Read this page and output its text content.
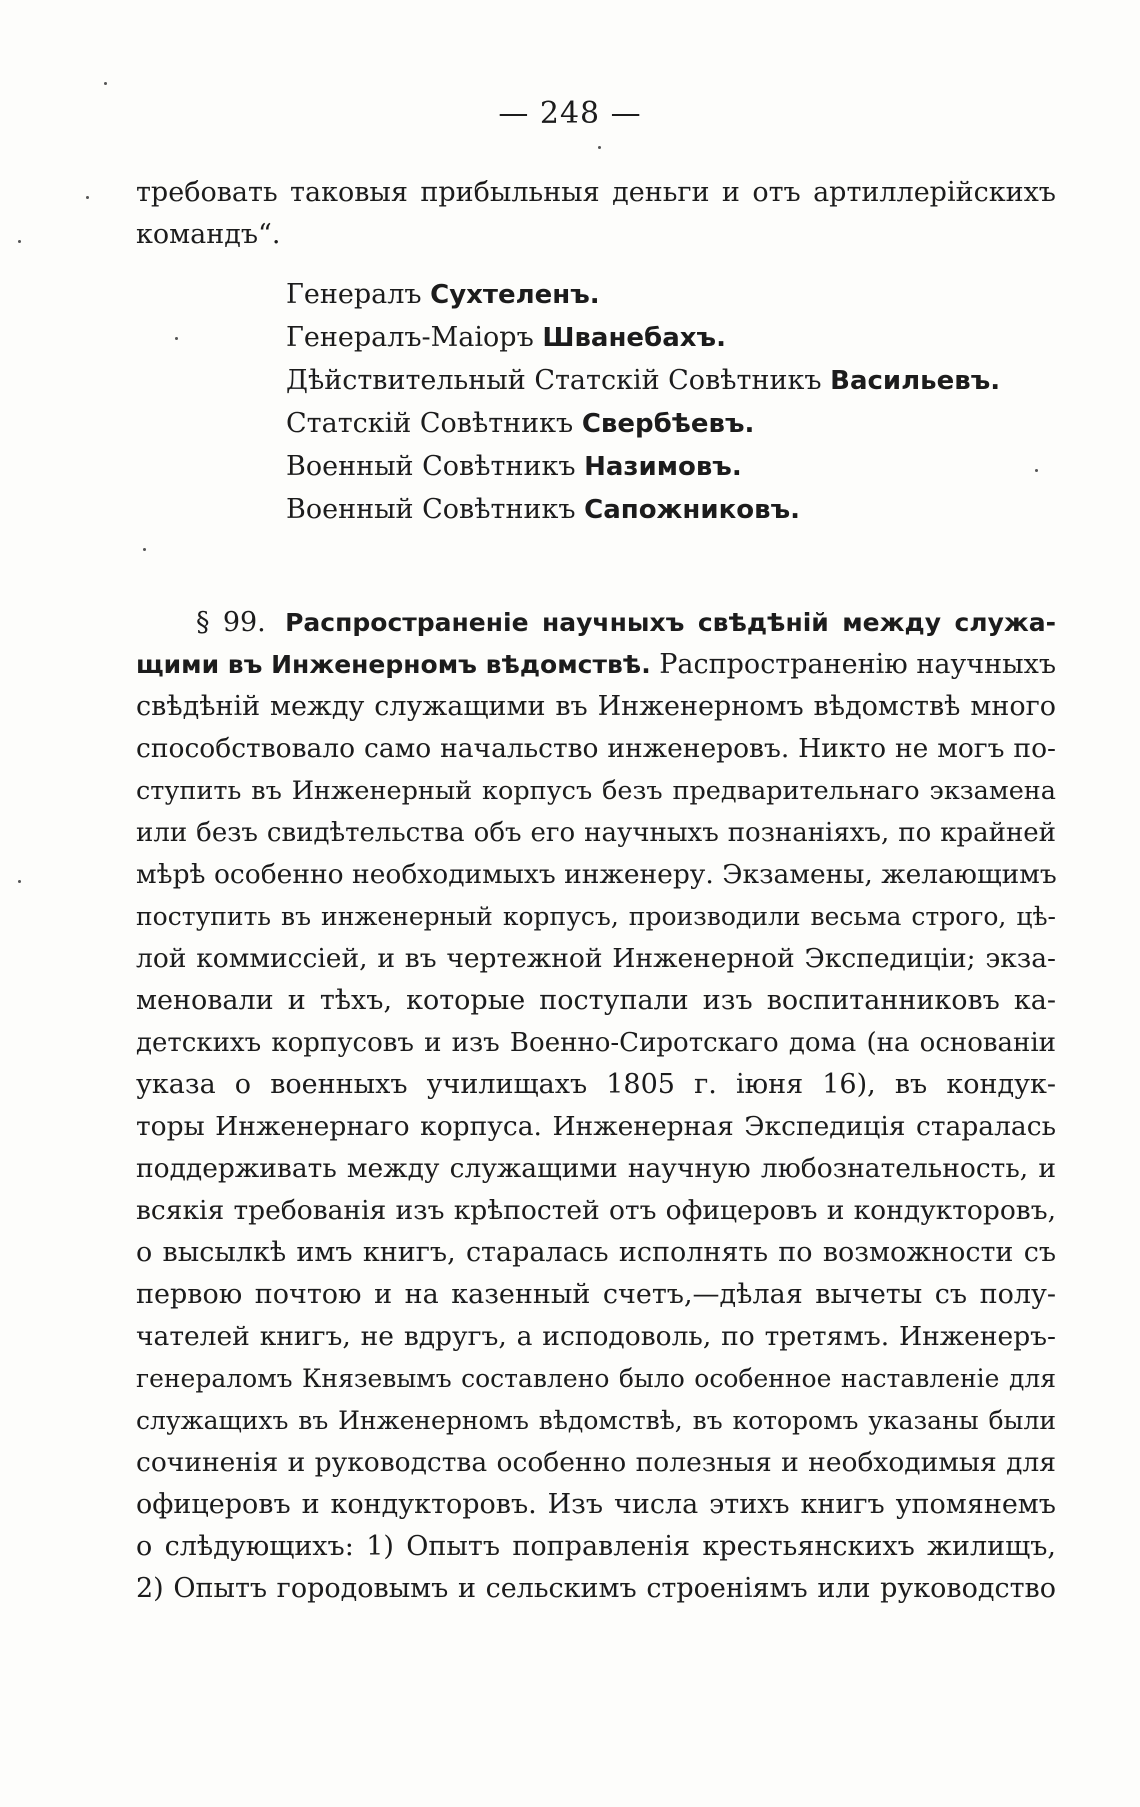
— 248 —
требовать таковыя прибыльныя деньги и отъ артиллерійскихъ
командъ“.
Генералъ Сухтеленъ.
Генералъ-Маіоръ Шванебахъ.
Дѣйствительный Статскій Совѣтникъ Васильевъ.
Статскій Совѣтникъ Свербѣевъ.
Военный Совѣтникъ Назимовъ.
Военный Совѣтникъ Сапожниковъ.
§ 99. Распространеніе научныхъ свѣдѣній между служа-
щими въ Инженерномъ вѣдомствѣ. Распространенію научныхъ
свѣдѣній между служащими въ Инженерномъ вѣдомствѣ много
способствовало само начальство инженеровъ. Никто не могъ по-
ступить въ Инженерный корпусъ безъ предварительнаго экзамена
или безъ свидѣтельства объ его научныхъ познаніяхъ, по крайней
мѣрѣ особенно необходимыхъ инженеру. Экзамены, желающимъ
поступить въ инженерный корпусъ, производили весьма строго, цѣ-
лой коммиссіей, и въ чертежной Инженерной Экспедиціи; экза-
меновали и тѣхъ, которые поступали изъ воспитанниковъ ка-
детскихъ корпусовъ и изъ Военно-Сиротскаго дома (на основаніи
указа о военныхъ училищахъ 1805 г. іюня 16), въ кондук-
торы Инженернаго корпуса. Инженерная Экспедиція старалась
поддерживать между служащими научную любознательность, и
всякія требованія изъ крѣпостей отъ офицеровъ и кондукторовъ,
о высылкѣ имъ книгъ, старалась исполнять по возможности съ
первою почтою и на казенный счетъ,—дѣлая вычеты съ полу-
чателей книгъ, не вдругъ, а исподоволь, по третямъ. Инженеръ-
генераломъ Князевымъ составлено было особенное наставленіе для
служащихъ въ Инженерномъ вѣдомствѣ, въ которомъ указаны были
сочиненія и руководства особенно полезныя и необходимыя для
офицеровъ и кондукторовъ. Изъ числа этихъ книгъ упомянемъ
о слѣдующихъ: 1) Опытъ поправленія крестьянскихъ жилищъ,
2) Опытъ городовымъ и сельскимъ строеніямъ или руководство
